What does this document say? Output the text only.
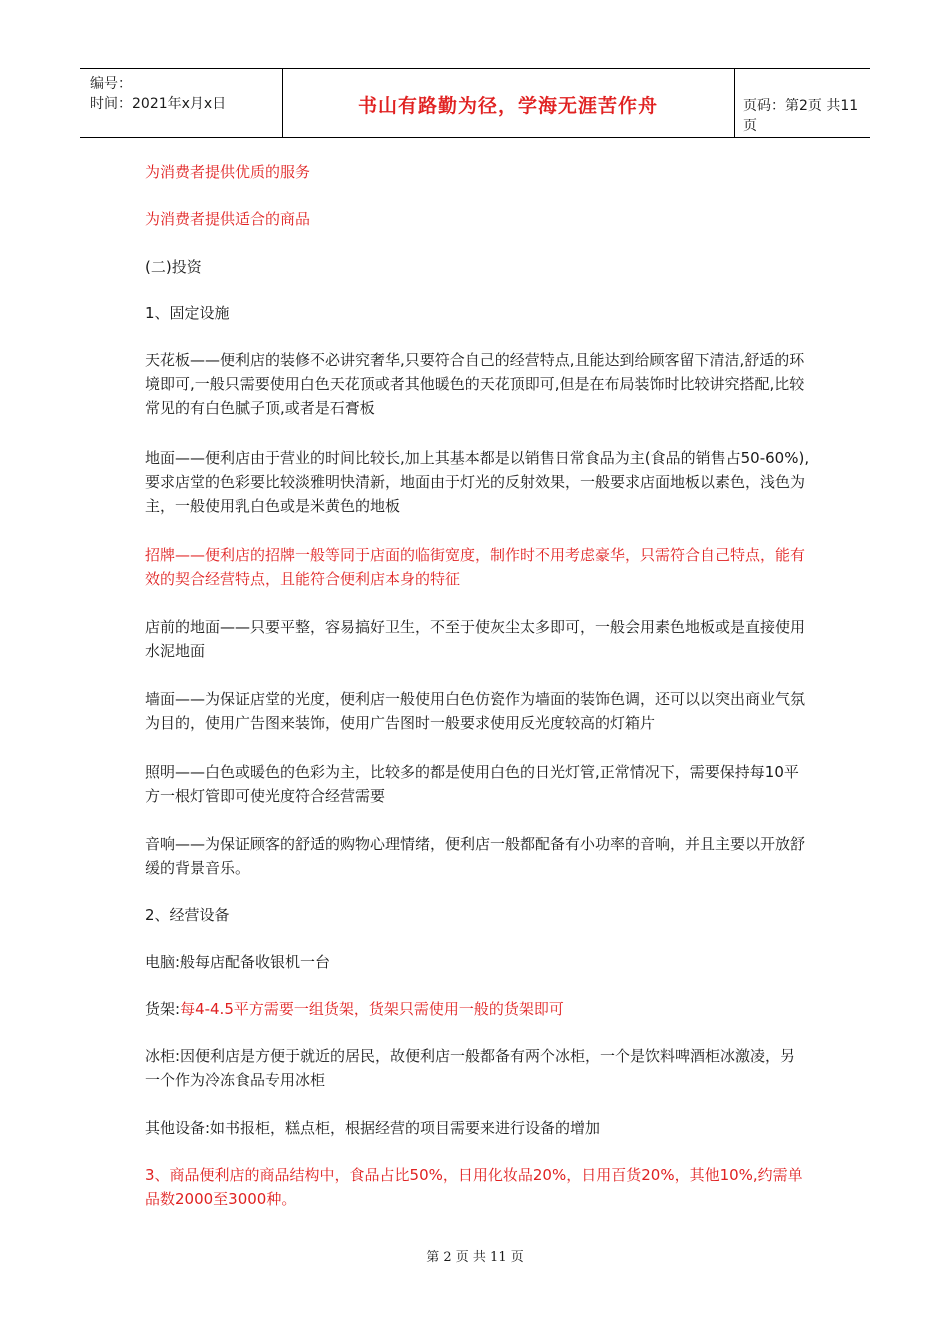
编号：
时间：2021年x月x日	书山有路勤为径，学海无涯苦作舟	页码：第2页 共11页

为消费者提供优质的服务

为消费者提供适合的商品

(二)投资

1、固定设施

天花板——便利店的装修不必讲究奢华,只要符合自己的经营特点,且能达到给顾客留下清洁,舒适的环境即可,一般只需要使用白色天花顶或者其他暖色的天花顶即可,但是在布局装饰时比较讲究搭配,比较常见的有白色腻子顶,或者是石膏板

地面——便利店由于营业的时间比较长,加上其基本都是以销售日常食品为主(食品的销售占50-60%),要求店堂的色彩要比较淡雅明快清新，地面由于灯光的反射效果，一般要求店面地板以素色，浅色为主，一般使用乳白色或是米黄色的地板

招牌——便利店的招牌一般等同于店面的临街宽度，制作时不用考虑豪华，只需符合自己特点，能有效的契合经营特点，且能符合便利店本身的特征

店前的地面——只要平整，容易搞好卫生，不至于使灰尘太多即可，一般会用素色地板或是直接使用水泥地面

墙面——为保证店堂的光度，便利店一般使用白色仿瓷作为墙面的装饰色调，还可以以突出商业气氛为目的，使用广告图来装饰，使用广告图时一般要求使用反光度较高的灯箱片

照明——白色或暖色的色彩为主，比较多的都是使用白色的日光灯管,正常情况下，需要保持每10平方一根灯管即可使光度符合经营需要

音响——为保证顾客的舒适的购物心理情绪，便利店一般都配备有小功率的音响，并且主要以开放舒缓的背景音乐。

2、经营设备

电脑:般每店配备收银机一台

货架:每4-4.5平方需要一组货架，货架只需使用一般的货架即可

冰柜:因便利店是方便于就近的居民，故便利店一般都备有两个冰柜，一个是饮料啤酒柜冰激凌，另一个作为冷冻食品专用冰柜

其他设备:如书报柜，糕点柜，根据经营的项目需要来进行设备的增加

3、商品便利店的商品结构中，食品占比50%，日用化妆品20%，日用百货20%，其他10%,约需单品数2000至3000种。

第 2 页 共 11 页
